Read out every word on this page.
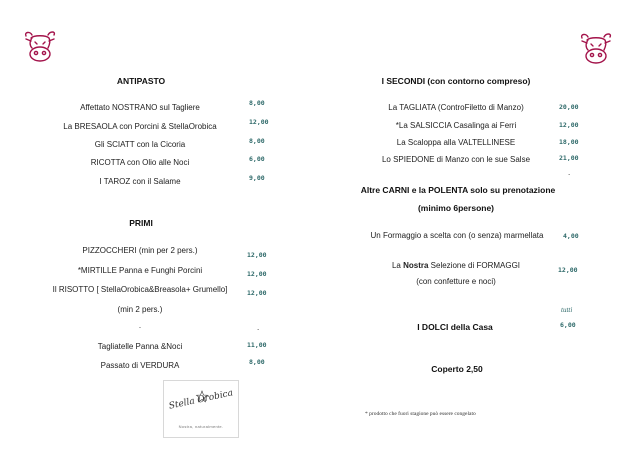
ANTIPASTO
Affettato NOSTRANO sul Tagliere	8,00
La BRESAOLA con Porcini & StellaOrobica	12,00
Gli SCIATT con la Cicoria	8,00
RICOTTA con Olio alle Noci	6,00
I TAROZ con il Salame	9,00
PRIMI
PIZZOCCHERI (min per 2 pers.)	12,00
*MIRTILLE Panna e Funghi Porcini	12,00
Il RISOTTO [ StellaOrobica&Breasola+ Grumello]	12,00
(min 2 pers.)
.	.
Tagliatelle Panna &Noci	11,00
Passato di VERDURA	8,00
Stella Orobica
Nostra, naturalmente.
I SECONDI (con contorno compreso)
La TAGLIATA (ControFiletto di Manzo)	20,00
*La SALSICCIA Casalinga ai Ferri	12,00
La Scaloppa alla VALTELLINESE	18,00
Lo SPIEDONE di Manzo con le sue Salse	21,00
.
Altre CARNI e la POLENTA solo su prenotazione
(minimo 6persone)
Un Formaggio a scelta con (o senza) marmellata	4,00
La Nostra Selezione di FORMAGGI
(con confetture e noci)
12,00
tutti
I DOLCI della Casa	6,00
Coperto 2,50
* prodotto che fuori stagione può essere congelato
